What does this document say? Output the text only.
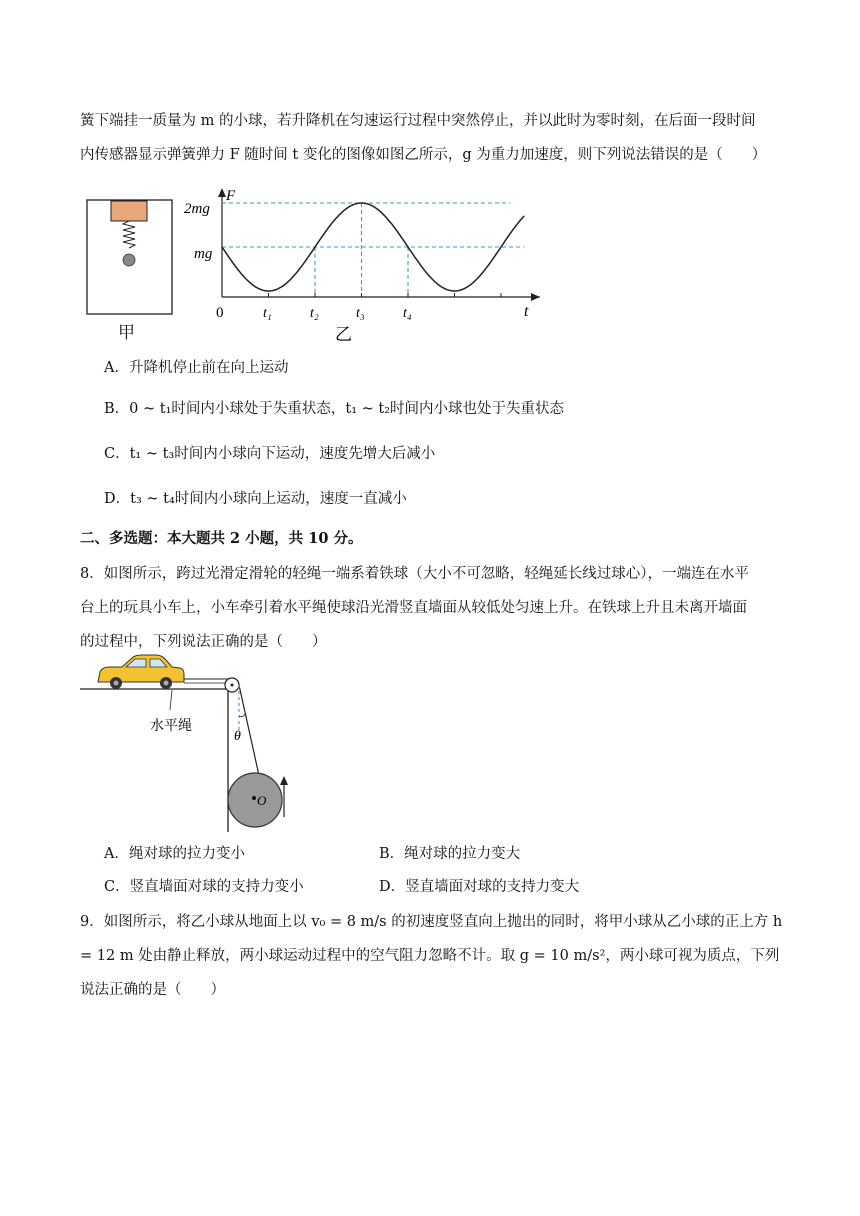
簧下端挂一质量为 m 的小球，若升降机在匀速运行过程中突然停止，并以此时为零时刻，在后面一段时间
内传感器显示弹簧弹力 F 随时间 t 变化的图像如图乙所示，g 为重力加速度，则下列说法错误的是（　　）
甲
F
t
2mg
mg
0	t₁	t₂	t₃	t₄
乙
A．升降机停止前在向上运动
B．0 ~ t₁时间内小球处于失重状态，t₁ ~ t₂时间内小球也处于失重状态
C．t₁ ~ t₃时间内小球向下运动，速度先增大后减小
D．t₃ ~ t₄时间内小球向上运动，速度一直减小
二、多选题：本大题共 2 小题，共 10 分。
8．如图所示，跨过光滑定滑轮的轻绳一端系着铁球（大小不可忽略，轻绳延长线过球心），一端连在水平
台上的玩具小车上，小车牵引着水平绳使球沿光滑竖直墙面从较低处匀速上升。在铁球上升且未离开墙面
的过程中，下列说法正确的是（　　）
θ
O
水平绳
A．绳对球的拉力变小	B．绳对球的拉力变大
C．竖直墙面对球的支持力变小	D．竖直墙面对球的支持力变大
9．如图所示，将乙小球从地面上以 v₀ = 8 m/s 的初速度竖直向上抛出的同时，将甲小球从乙小球的正上方 h
= 12 m 处由静止释放，两小球运动过程中的空气阻力忽略不计。取 g = 10 m/s²，两小球可视为质点，下列
说法正确的是（　　）
